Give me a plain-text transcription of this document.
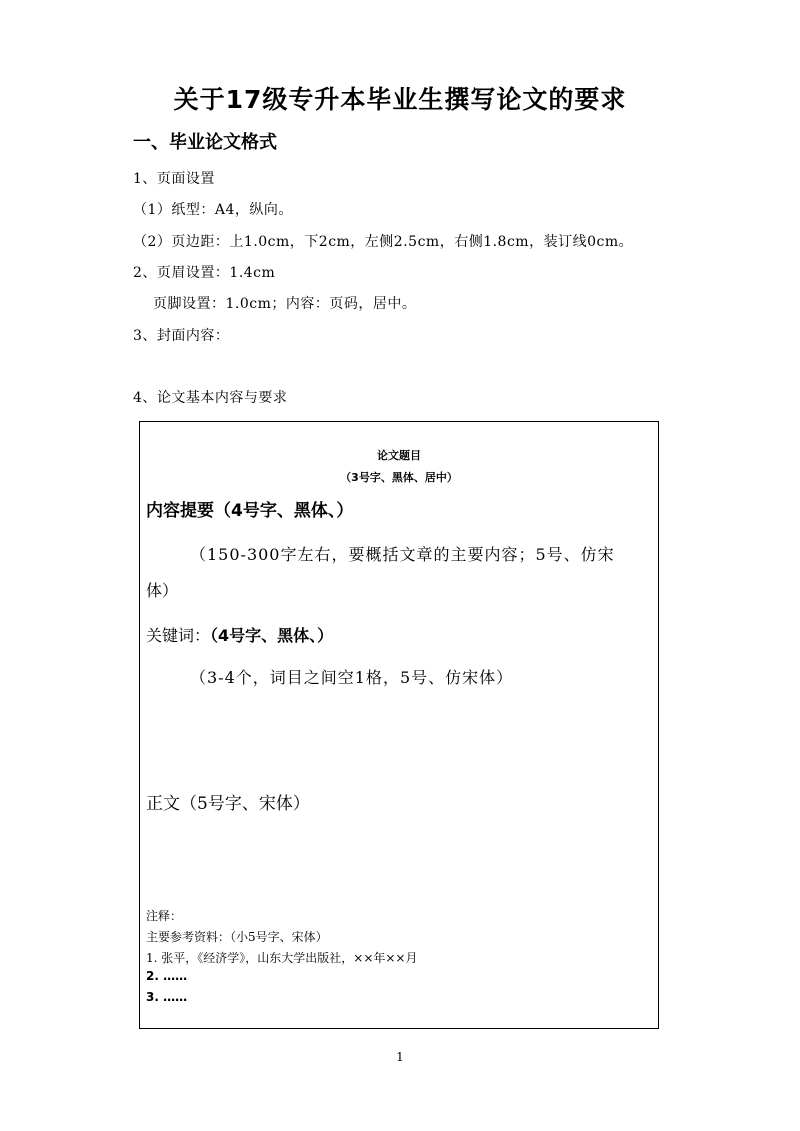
关于17级专升本毕业生撰写论文的要求
一、毕业论文格式
1、页面设置
（1）纸型：A4，纵向。
（2）页边距：上1.0cm，下2cm，左侧2.5cm，右侧1.8cm，装订线0cm。
2、页眉设置：1.4cm
页脚设置：1.0cm；内容：页码，居中。
3、封面内容：
4、论文基本内容与要求
论文题目
（3号字、黑体、居中）
内容提要（4号字、黑体、）
（150-300字左右，要概括文章的主要内容；5号、仿宋
体）
关键词：（4号字、黑体、）
（3-4个，词目之间空1格，5号、仿宋体）
正文（5号字、宋体）
注释：
主要参考资料：（小5号字、宋体）
1. 张平，《经济学》，山东大学出版社，××年××月
2. ……
3. ……
1
